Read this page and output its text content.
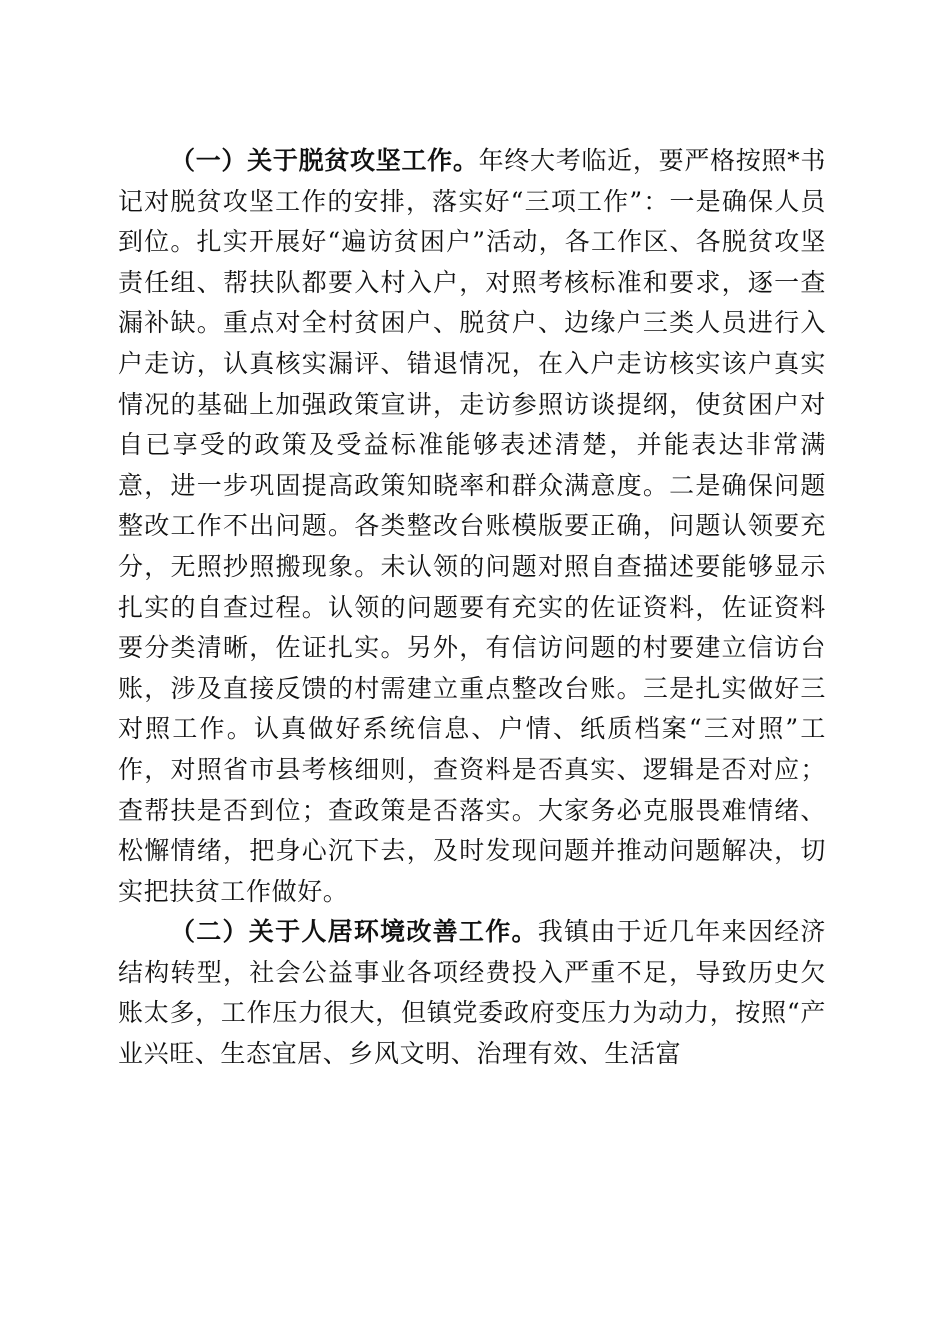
（一）关于脱贫攻坚工作。年终大考临近，要严格按照*书记对脱贫攻坚工作的安排，落实好“三项工作”：一是确保人员到位。扎实开展好“遍访贫困户”活动，各工作区、各脱贫攻坚责任组、帮扶队都要入村入户，对照考核标准和要求，逐一查漏补缺。重点对全村贫困户、脱贫户、边缘户三类人员进行入户走访，认真核实漏评、错退情况，在入户走访核实该户真实情况的基础上加强政策宣讲，走访参照访谈提纲，使贫困户对自已享受的政策及受益标准能够表述清楚，并能表达非常满意，进一步巩固提高政策知晓率和群众满意度。二是确保问题整改工作不出问题。各类整改台账模版要正确，问题认领要充分，无照抄照搬现象。未认领的问题对照自查描述要能够显示扎实的自查过程。认领的问题要有充实的佐证资料，佐证资料要分类清晰，佐证扎实。另外，有信访问题的村要建立信访台账，涉及直接反馈的村需建立重点整改台账。三是扎实做好三对照工作。认真做好系统信息、户情、纸质档案“三对照”工作，对照省市县考核细则，查资料是否真实、逻辑是否对应；查帮扶是否到位；查政策是否落实。大家务必克服畏难情绪、松懈情绪，把身心沉下去，及时发现问题并推动问题解决，切实把扶贫工作做好。

（二）关于人居环境改善工作。我镇由于近几年来因经济结构转型，社会公益事业各项经费投入严重不足，导致历史欠账太多，工作压力很大，但镇党委政府变压力为动力，按照“产业兴旺、生态宜居、乡风文明、治理有效、生活富
